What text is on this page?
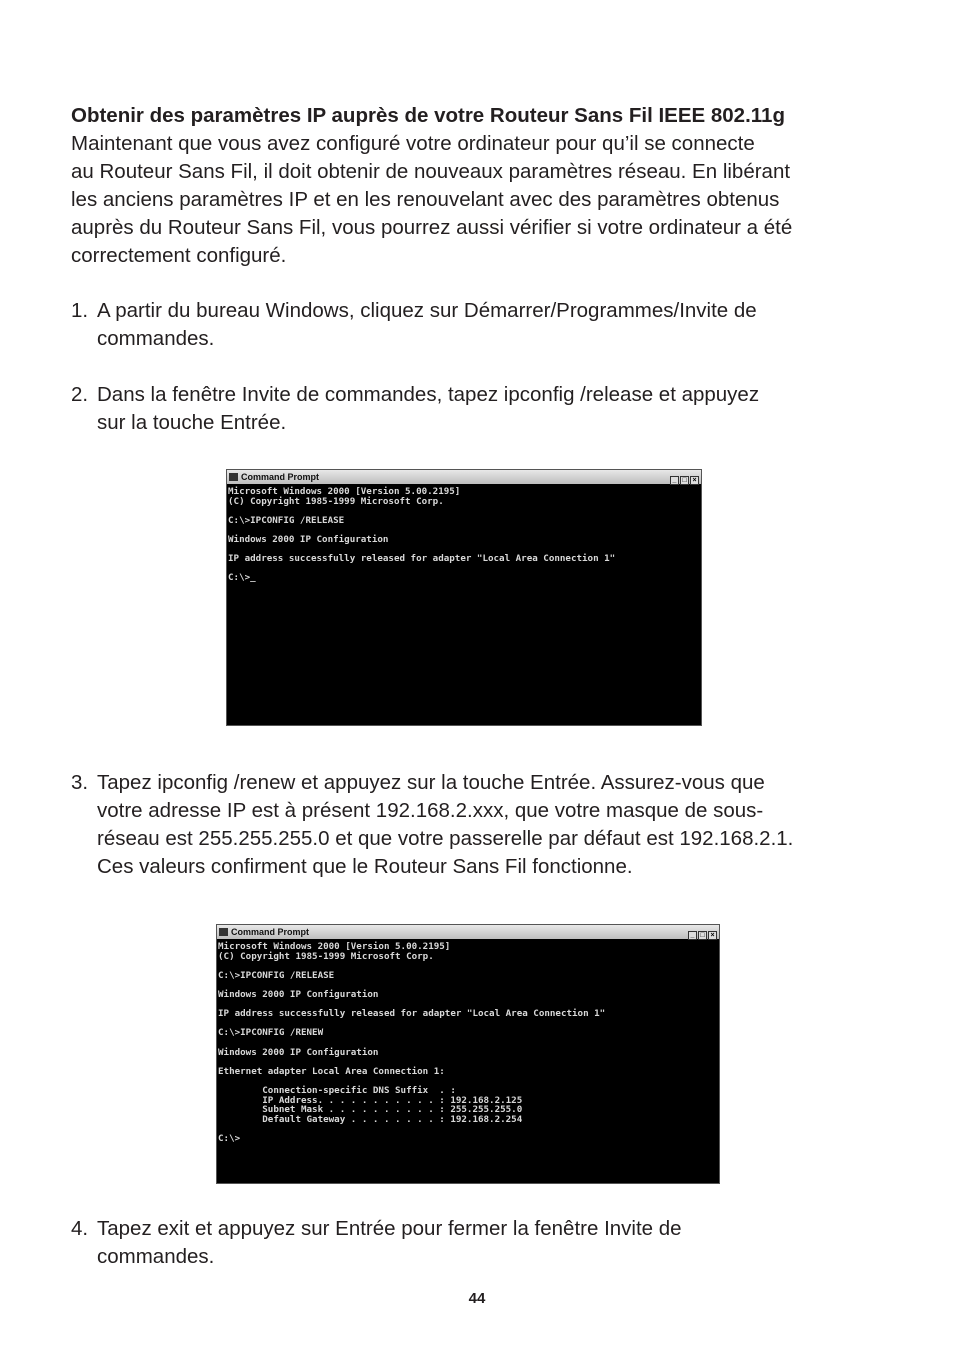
Obtenir des paramètres IP auprès de votre Routeur Sans Fil IEEE 802.11g
Maintenant que vous avez configuré votre ordinateur pour qu’il se connecte
au Routeur Sans Fil, il doit obtenir de nouveaux paramètres réseau. En libérant
les anciens paramètres IP et en les renouvelant avec des paramètres obtenus
auprès du Routeur Sans Fil, vous pourrez aussi vérifier si votre ordinateur a été
correctement configuré.
1. A partir du bureau Windows, cliquez sur Démarrer/Programmes/Invite de
commandes.
2. Dans la fenêtre Invite de commandes, tapez ipconfig /release et appuyez
sur la touche Entrée.
Command Prompt	_ □ ×
Microsoft Windows 2000 [Version 5.00.2195]
(C) Copyright 1985-1999 Microsoft Corp.
C:\>IPCONFIG /RELEASE
Windows 2000 IP Configuration
IP address successfully released for adapter "Local Area Connection 1"
C:\>_
3. Tapez ipconfig /renew et appuyez sur la touche Entrée. Assurez-vous que
votre adresse IP est à présent 192.168.2.xxx, que votre masque de sous-
réseau est 255.255.255.0 et que votre passerelle par défaut est 192.168.2.1.
Ces valeurs confirment que le Routeur Sans Fil fonctionne.
Command Prompt	_ □ ×
Microsoft Windows 2000 [Version 5.00.2195]
(C) Copyright 1985-1999 Microsoft Corp.
C:\>IPCONFIG /RELEASE
Windows 2000 IP Configuration
IP address successfully released for adapter "Local Area Connection 1"
C:\>IPCONFIG /RENEW
Windows 2000 IP Configuration
Ethernet adapter Local Area Connection 1:
Connection-specific DNS Suffix  . :
IP Address. . . . . . . . . . . : 192.168.2.125
Subnet Mask . . . . . . . . . . : 255.255.255.0
Default Gateway . . . . . . . . : 192.168.2.254
C:\>
4. Tapez exit et appuyez sur Entrée pour fermer la fenêtre Invite de
commandes.
44
